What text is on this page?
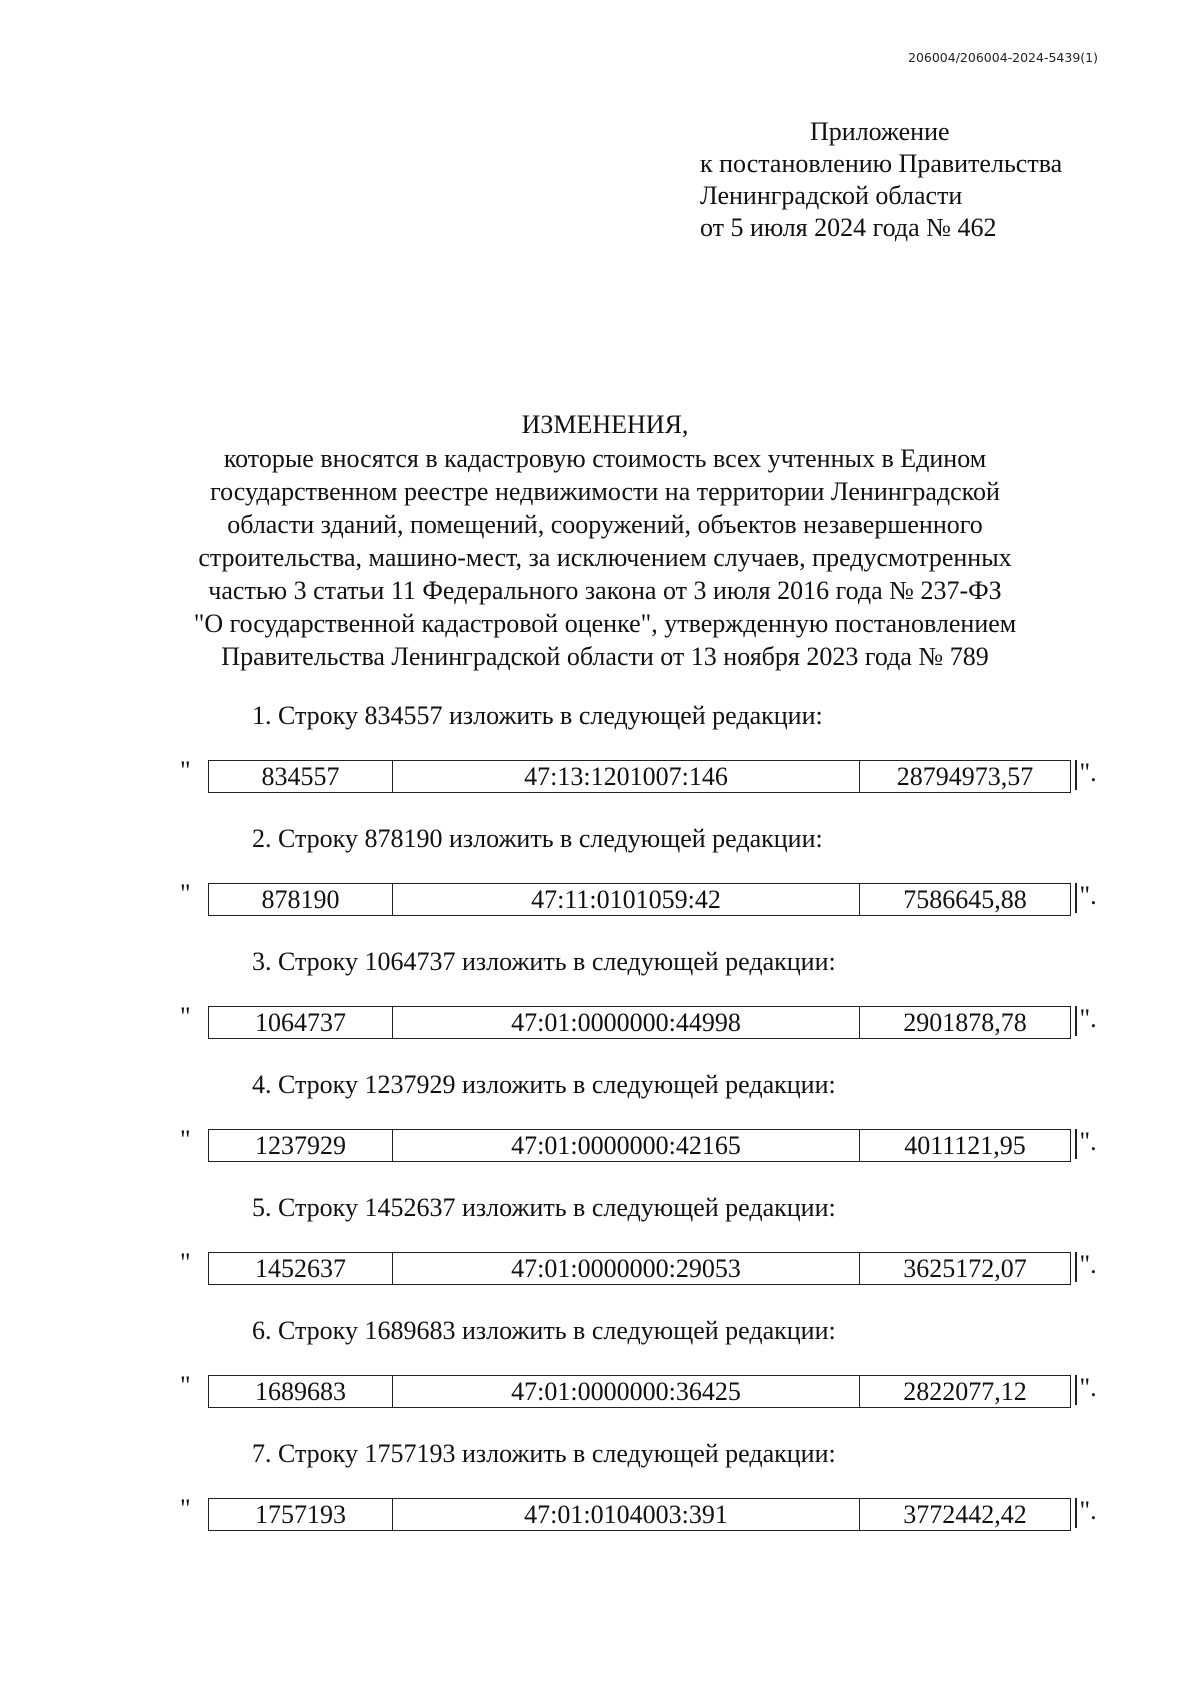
206004/206004-2024-5439(1)
Приложение
к постановлению Правительства
Ленинградской области
от 5 июля 2024 года № 462
ИЗМЕНЕНИЯ,
которые вносятся в кадастровую стоимость всех учтенных в Едином
государственном реестре недвижимости на территории Ленинградской
области зданий, помещений, сооружений, объектов незавершенного
строительства, машино-мест, за исключением случаев, предусмотренных
частью 3 статьи 11 Федерального закона от 3 июля 2016 года № 237-ФЗ
"О государственной кадастровой оценке", утвержденную постановлением
Правительства Ленинградской области от 13 ноября 2023 года № 789
1. Строку 834557 изложить в следующей редакции:
"	834557	47:13:1201007:146	28794973,57	".
2. Строку 878190 изложить в следующей редакции:
"	878190	47:11:0101059:42	7586645,88	".
3. Строку 1064737 изложить в следующей редакции:
"	1064737	47:01:0000000:44998	2901878,78	".
4. Строку 1237929 изложить в следующей редакции:
"	1237929	47:01:0000000:42165	4011121,95	".
5. Строку 1452637 изложить в следующей редакции:
"	1452637	47:01:0000000:29053	3625172,07	".
6. Строку 1689683 изложить в следующей редакции:
"	1689683	47:01:0000000:36425	2822077,12	".
7. Строку 1757193 изложить в следующей редакции:
"	1757193	47:01:0104003:391	3772442,42	".
